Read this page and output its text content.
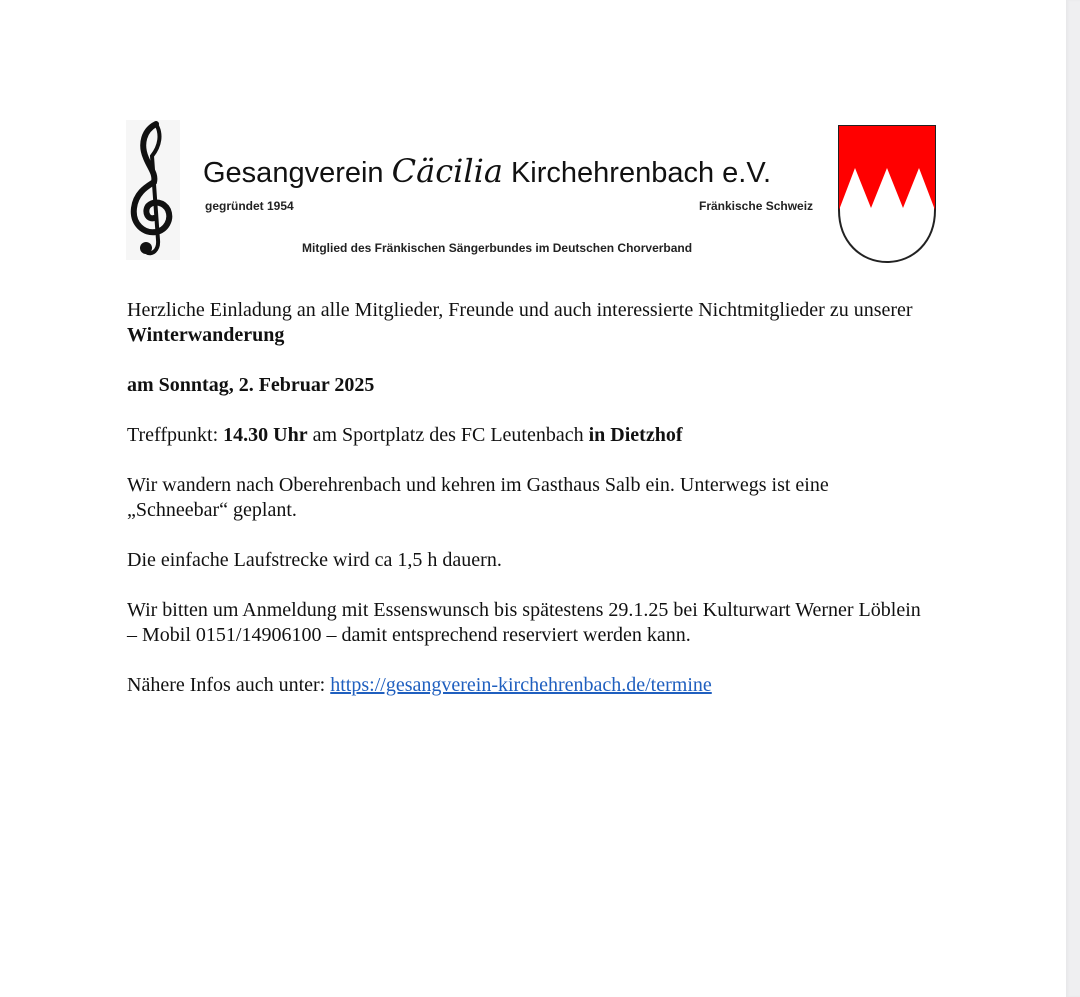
Gesangverein Cäcilia Kirchehrenbach e.V.
gegründet 1954	Fränkische Schweiz
Mitglied des Fränkischen Sängerbundes im Deutschen Chorverband

Herzliche Einladung an alle Mitglieder, Freunde und auch interessierte Nichtmitglieder zu unserer Winterwanderung

am Sonntag, 2. Februar 2025

Treffpunkt: 14.30 Uhr am Sportplatz des FC Leutenbach in Dietzhof

Wir wandern nach Oberehrenbach und kehren im Gasthaus Salb ein. Unterwegs ist eine „Schneebar“ geplant.

Die einfache Laufstrecke wird ca 1,5 h dauern.

Wir bitten um Anmeldung mit Essenswunsch bis spätestens 29.1.25 bei Kulturwart Werner Löblein – Mobil 0151/14906100 – damit entsprechend reserviert werden kann.

Nähere Infos auch unter: https://gesangverein-kirchehrenbach.de/termine
